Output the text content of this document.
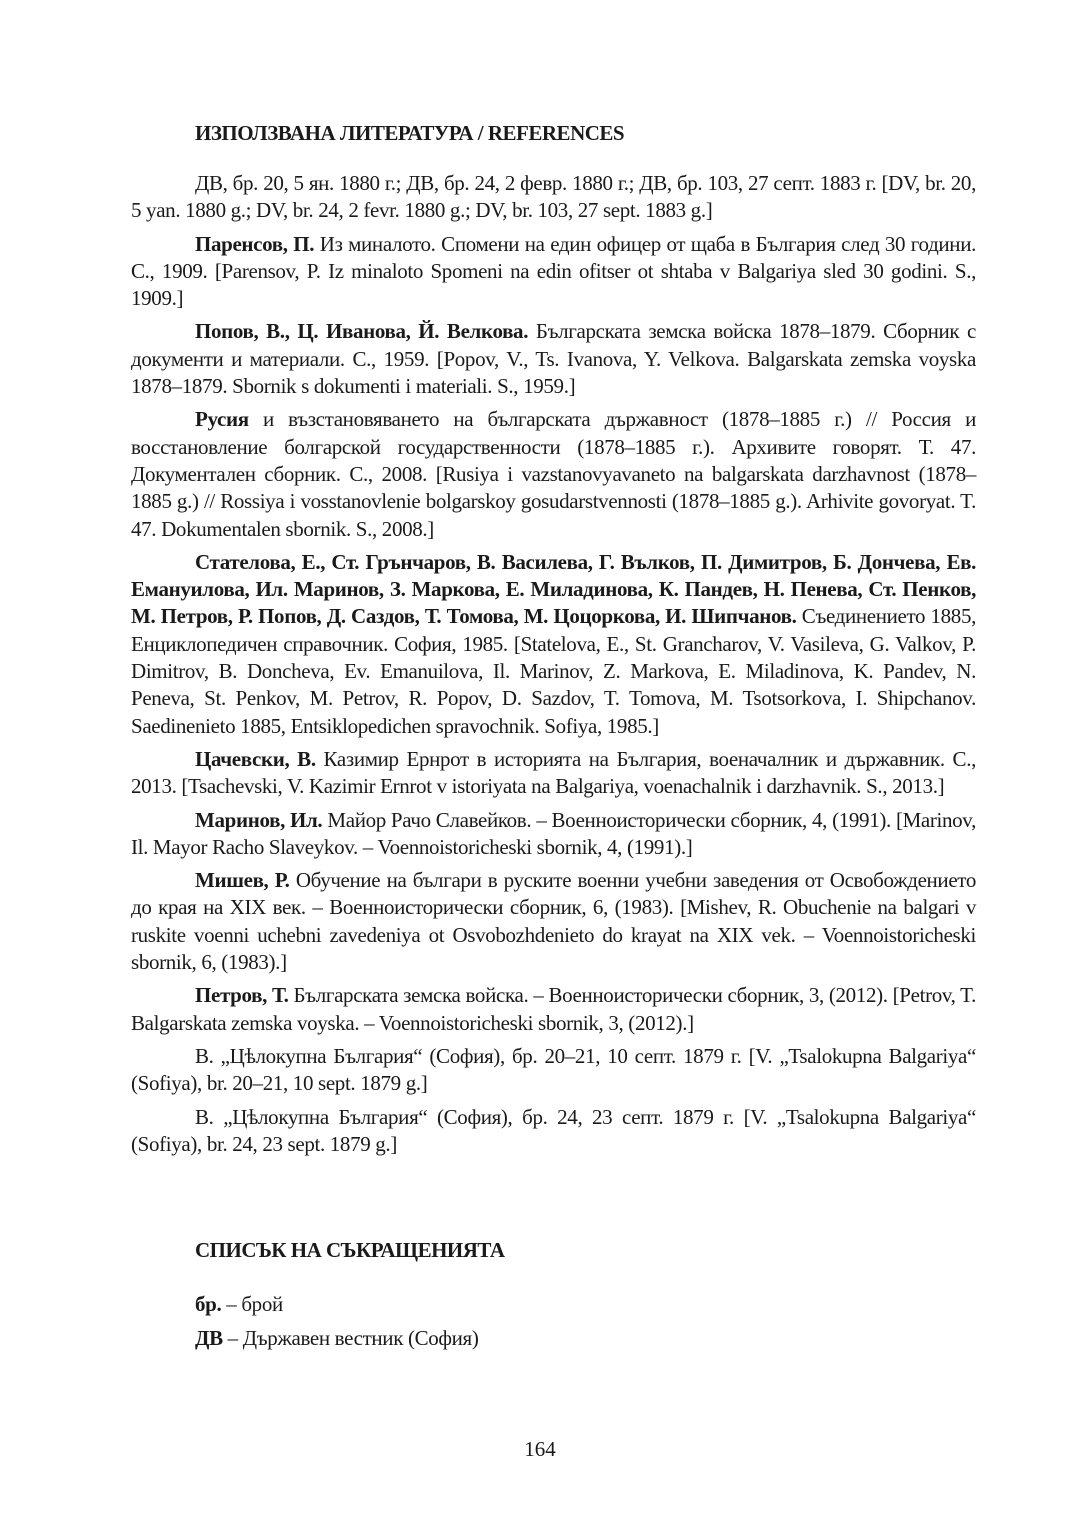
ИЗПОЛЗВАНА ЛИТЕРАТУРА / REFERENCES

ДВ, бр. 20, 5 ян. 1880 г.; ДВ, бр. 24, 2 февр. 1880 г.; ДВ, бр. 103, 27 септ. 1883 г. [DV, br. 20, 5 yan. 1880 g.; DV, br. 24, 2 fevr. 1880 g.; DV, br. 103, 27 sept. 1883 g.]

Паренсов, П. Из миналото. Спомени на един офицер от щаба в България след 30 години. С., 1909. [Parensov, P. Iz minaloto Spomeni na edin ofitser ot shtaba v Balgariya sled 30 godini. S., 1909.]

Попов, В., Ц. Иванова, Й. Велкова. Българската земска войска 1878–1879. Сборник с документи и материали. С., 1959. [Popov, V., Ts. Ivanova, Y. Velkova. Balgarskata zemska voyska 1878–1879. Sbornik s dokumenti i materiali. S., 1959.]

Русия и възстановяването на българската държавност (1878–1885 г.) // Россия и восстановление болгарской государственности (1878–1885 г.). Архивите говорят. Т. 47. Документален сборник. С., 2008. [Rusiya i vazstanovyavaneto na balgarskata darzhavnost (1878–1885 g.) // Rossiya i vosstanovlenie bolgarskoy gosudarstvennosti (1878–1885 g.). Arhivite govoryat. T. 47. Dokumentalen sbornik. S., 2008.]

Стателова, Е., Ст. Грънчаров, В. Василева, Г. Вълков, П. Димитров, Б. Дончева, Ев. Емануилова, Ил. Маринов, З. Маркова, Е. Миладинова, К. Пандев, Н. Пенева, Ст. Пенков, М. Петров, Р. Попов, Д. Саздов, Т. Томова, М. Цоцоркова, И. Шипчанов. Съединението 1885, Енциклопедичен справочник. София, 1985. [Statelova, E., St. Grancharov, V. Vasileva, G. Valkov, P. Dimitrov, B. Doncheva, Ev. Emanuilova, Il. Marinov, Z. Markova, E. Miladinova, K. Pandev, N. Peneva, St. Penkov, M. Petrov, R. Popov, D. Sazdov, T. Tomova, M. Tsotsorkova, I. Shipchanov. Saedinenieto 1885, Entsiklopedichen spravochnik. Sofiya, 1985.]

Цачевски, В. Казимир Ернрот в историята на България, военачалник и държавник. С., 2013. [Tsachevski, V. Kazimir Ernrot v istoriyata na Balgariya, voenachalnik i darzhavnik. S., 2013.]

Маринов, Ил. Майор Рачо Славейков. – Военноисторически сборник, 4, (1991). [Marinov, Il. Mayor Racho Slaveykov. – Voennoistoricheski sbornik, 4, (1991).]

Мишев, Р. Обучение на българи в руските военни учебни заведения от Освобождението до края на XIX век. – Военноисторически сборник, 6, (1983). [Mishev, R. Obuchenie na balgari v ruskite voenni uchebni zavedeniya ot Osvobozhdenieto do krayat na XIX vek. – Voennoistoricheski sbornik, 6, (1983).]

Петров, Т. Българската земска войска. – Военноисторически сборник, 3, (2012). [Petrov, T. Balgarskata zemska voyska. – Voennoistoricheski sbornik, 3, (2012).]

В. „Цѣлокупна България“ (София), бр. 20–21, 10 септ. 1879 г. [V. „Tsalokupna Balgariya“ (Sofiya), br. 20–21, 10 sept. 1879 g.]

В. „Цѣлокупна България“ (София), бр. 24, 23 септ. 1879 г. [V. „Tsalokupna Balgariya“ (Sofiya), br. 24, 23 sept. 1879 g.]

СПИСЪК НА СЪКРАЩЕНИЯТА
бр. – брой
ДВ – Държавен вестник (София)
164
